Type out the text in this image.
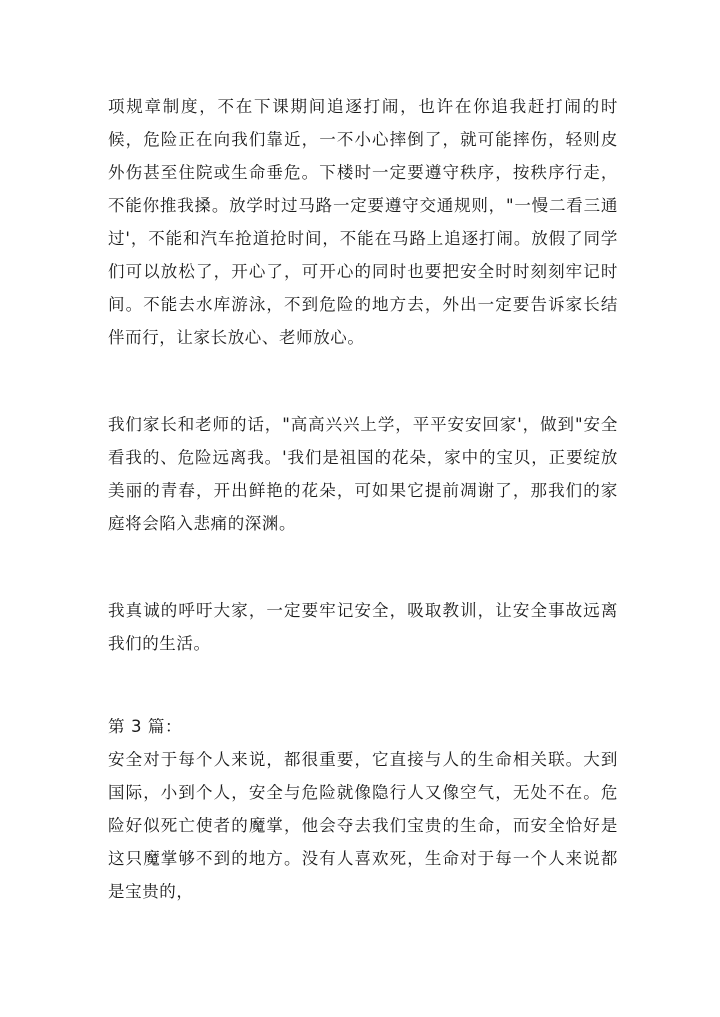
项规章制度，不在下课期间追逐打闹，也许在你追我赶打闹的时候，危险正在向我们靠近，一不小心摔倒了，就可能摔伤，轻则皮外伤甚至住院或生命垂危。下楼时一定要遵守秩序，按秩序行走，不能你推我搡。放学时过马路一定要遵守交通规则，"一慢二看三通过'，不能和汽车抢道抢时间，不能在马路上追逐打闹。放假了同学们可以放松了，开心了，可开心的同时也要把安全时时刻刻牢记时间。不能去水库游泳，不到危险的地方去，外出一定要告诉家长结伴而行，让家长放心、老师放心。

我们家长和老师的话，"高高兴兴上学，平平安安回家'，做到"安全看我的、危险远离我。'我们是祖国的花朵，家中的宝贝，正要绽放美丽的青春，开出鲜艳的花朵，可如果它提前凋谢了，那我们的家庭将会陷入悲痛的深渊。

我真诚的呼吁大家，一定要牢记安全，吸取教训，让安全事故远离我们的生活。

第 3 篇：

安全对于每个人来说，都很重要，它直接与人的生命相关联。大到国际，小到个人，安全与危险就像隐行人又像空气，无处不在。危险好似死亡使者的魔掌，他会夺去我们宝贵的生命，而安全恰好是这只魔掌够不到的地方。没有人喜欢死，生命对于每一个人来说都是宝贵的，
